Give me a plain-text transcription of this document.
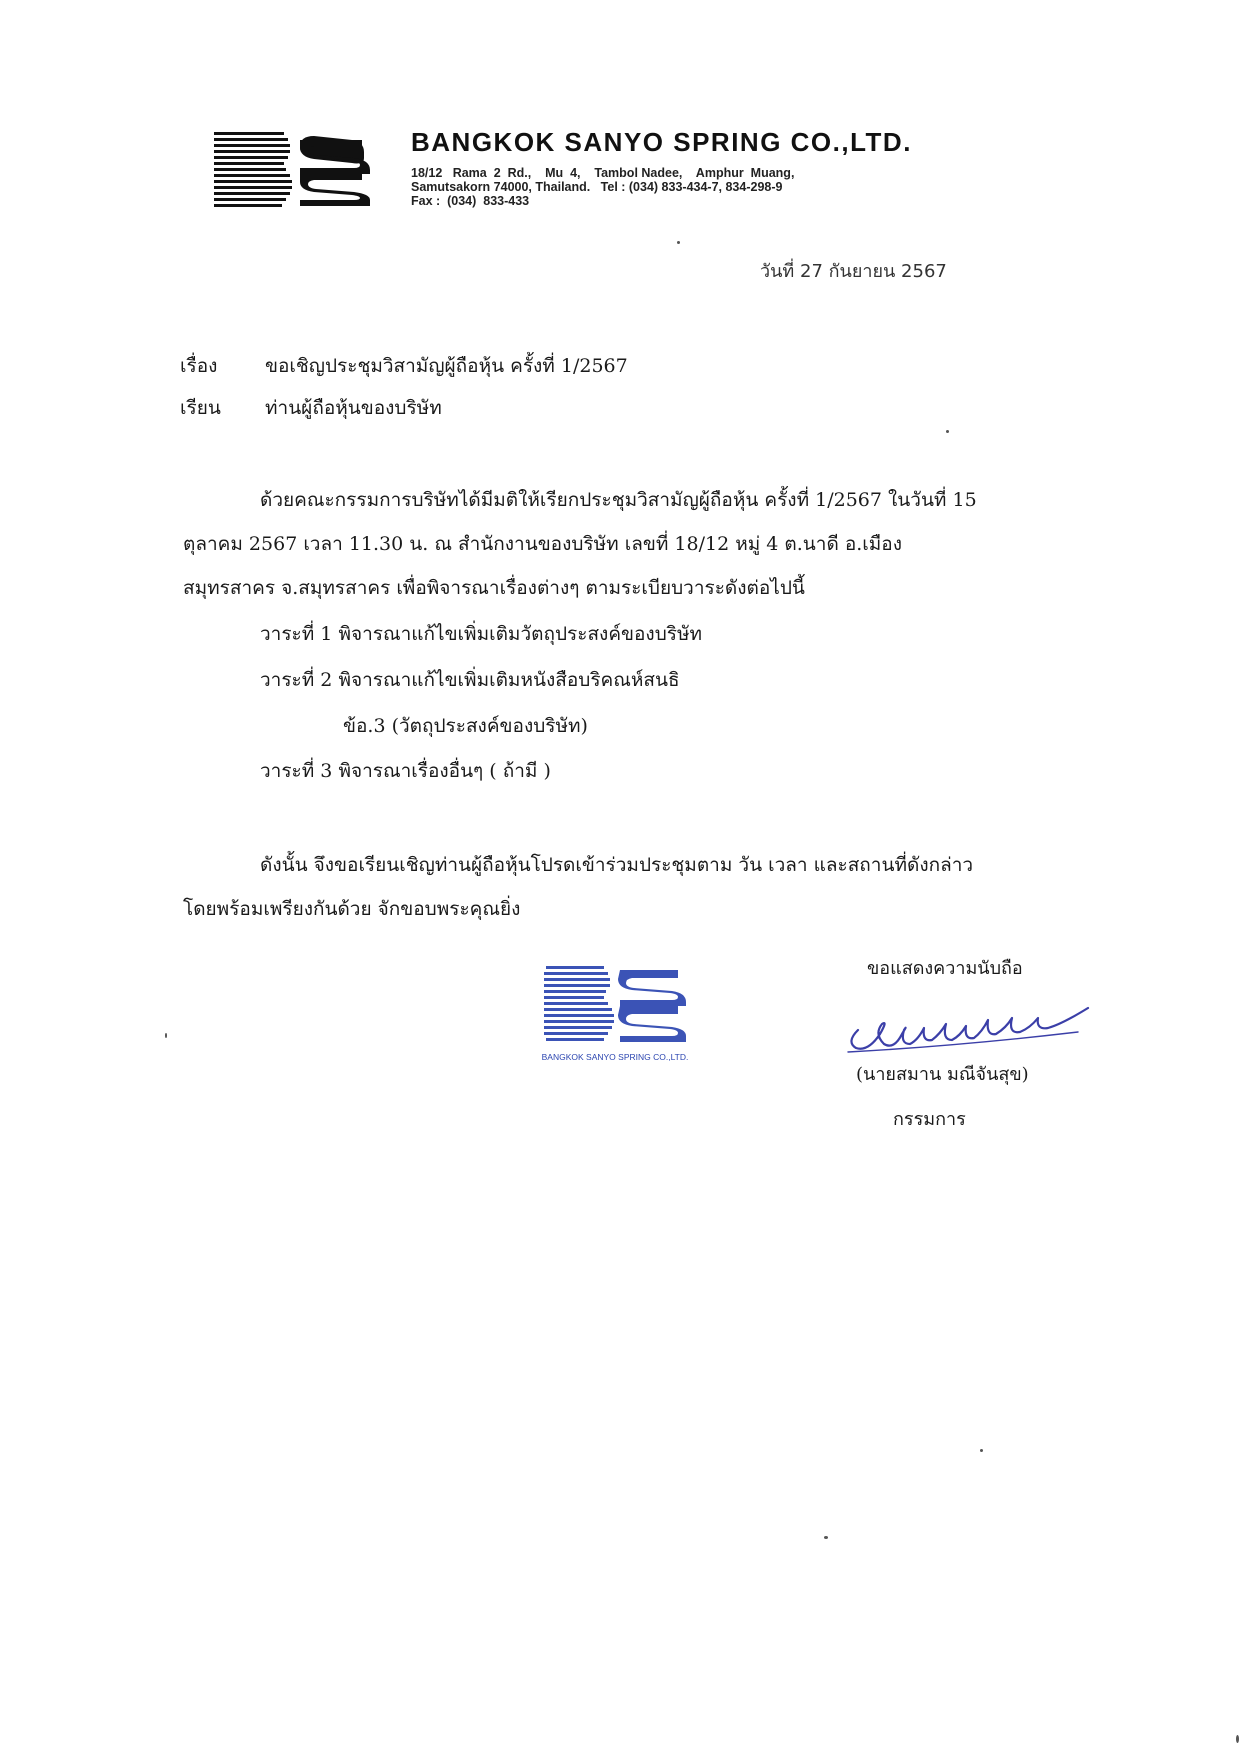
BANGKOK SANYO SPRING CO.,LTD.
18/12   Rama  2  Rd.,    Mu  4,    Tambol Nadee,    Amphur  Muang,
Samutsakorn 74000, Thailand.   Tel : (034) 833-434-7, 834-298-9
Fax :  (034)  833-433
วันที่ 27 กันยายน 2567
เรื่อง	ขอเชิญประชุมวิสามัญผู้ถือหุ้น ครั้งที่ 1/2567
เรียน ท่านผู้ถือหุ้นของบริษัท
ด้วยคณะกรรมการบริษัทได้มีมติให้เรียกประชุมวิสามัญผู้ถือหุ้น ครั้งที่ 1/2567 ในวันที่ 15
ตุลาคม 2567 เวลา 11.30 น. ณ สำนักงานของบริษัท เลขที่ 18/12 หมู่ 4 ต.นาดี อ.เมือง
สมุทรสาคร จ.สมุทรสาคร เพื่อพิจารณาเรื่องต่างๆ ตามระเบียบวาระดังต่อไปนี้
วาระที่ 1 พิจารณาแก้ไขเพิ่มเติมวัตถุประสงค์ของบริษัท
วาระที่ 2 พิจารณาแก้ไขเพิ่มเติมหนังสือบริคณห์สนธิ
ข้อ.3 (วัตถุประสงค์ของบริษัท)
วาระที่ 3 พิจารณาเรื่องอื่นๆ ( ถ้ามี )
ดังนั้น จึงขอเรียนเชิญท่านผู้ถือหุ้นโปรดเข้าร่วมประชุมตาม วัน เวลา และสถานที่ดังกล่าว
โดยพร้อมเพรียงกันด้วย จักขอบพระคุณยิ่ง
BANGKOK SANYO SPRING CO.,LTD.
ขอแสดงความนับถือ
(นายสมาน มณีจันสุข)
กรรมการ
